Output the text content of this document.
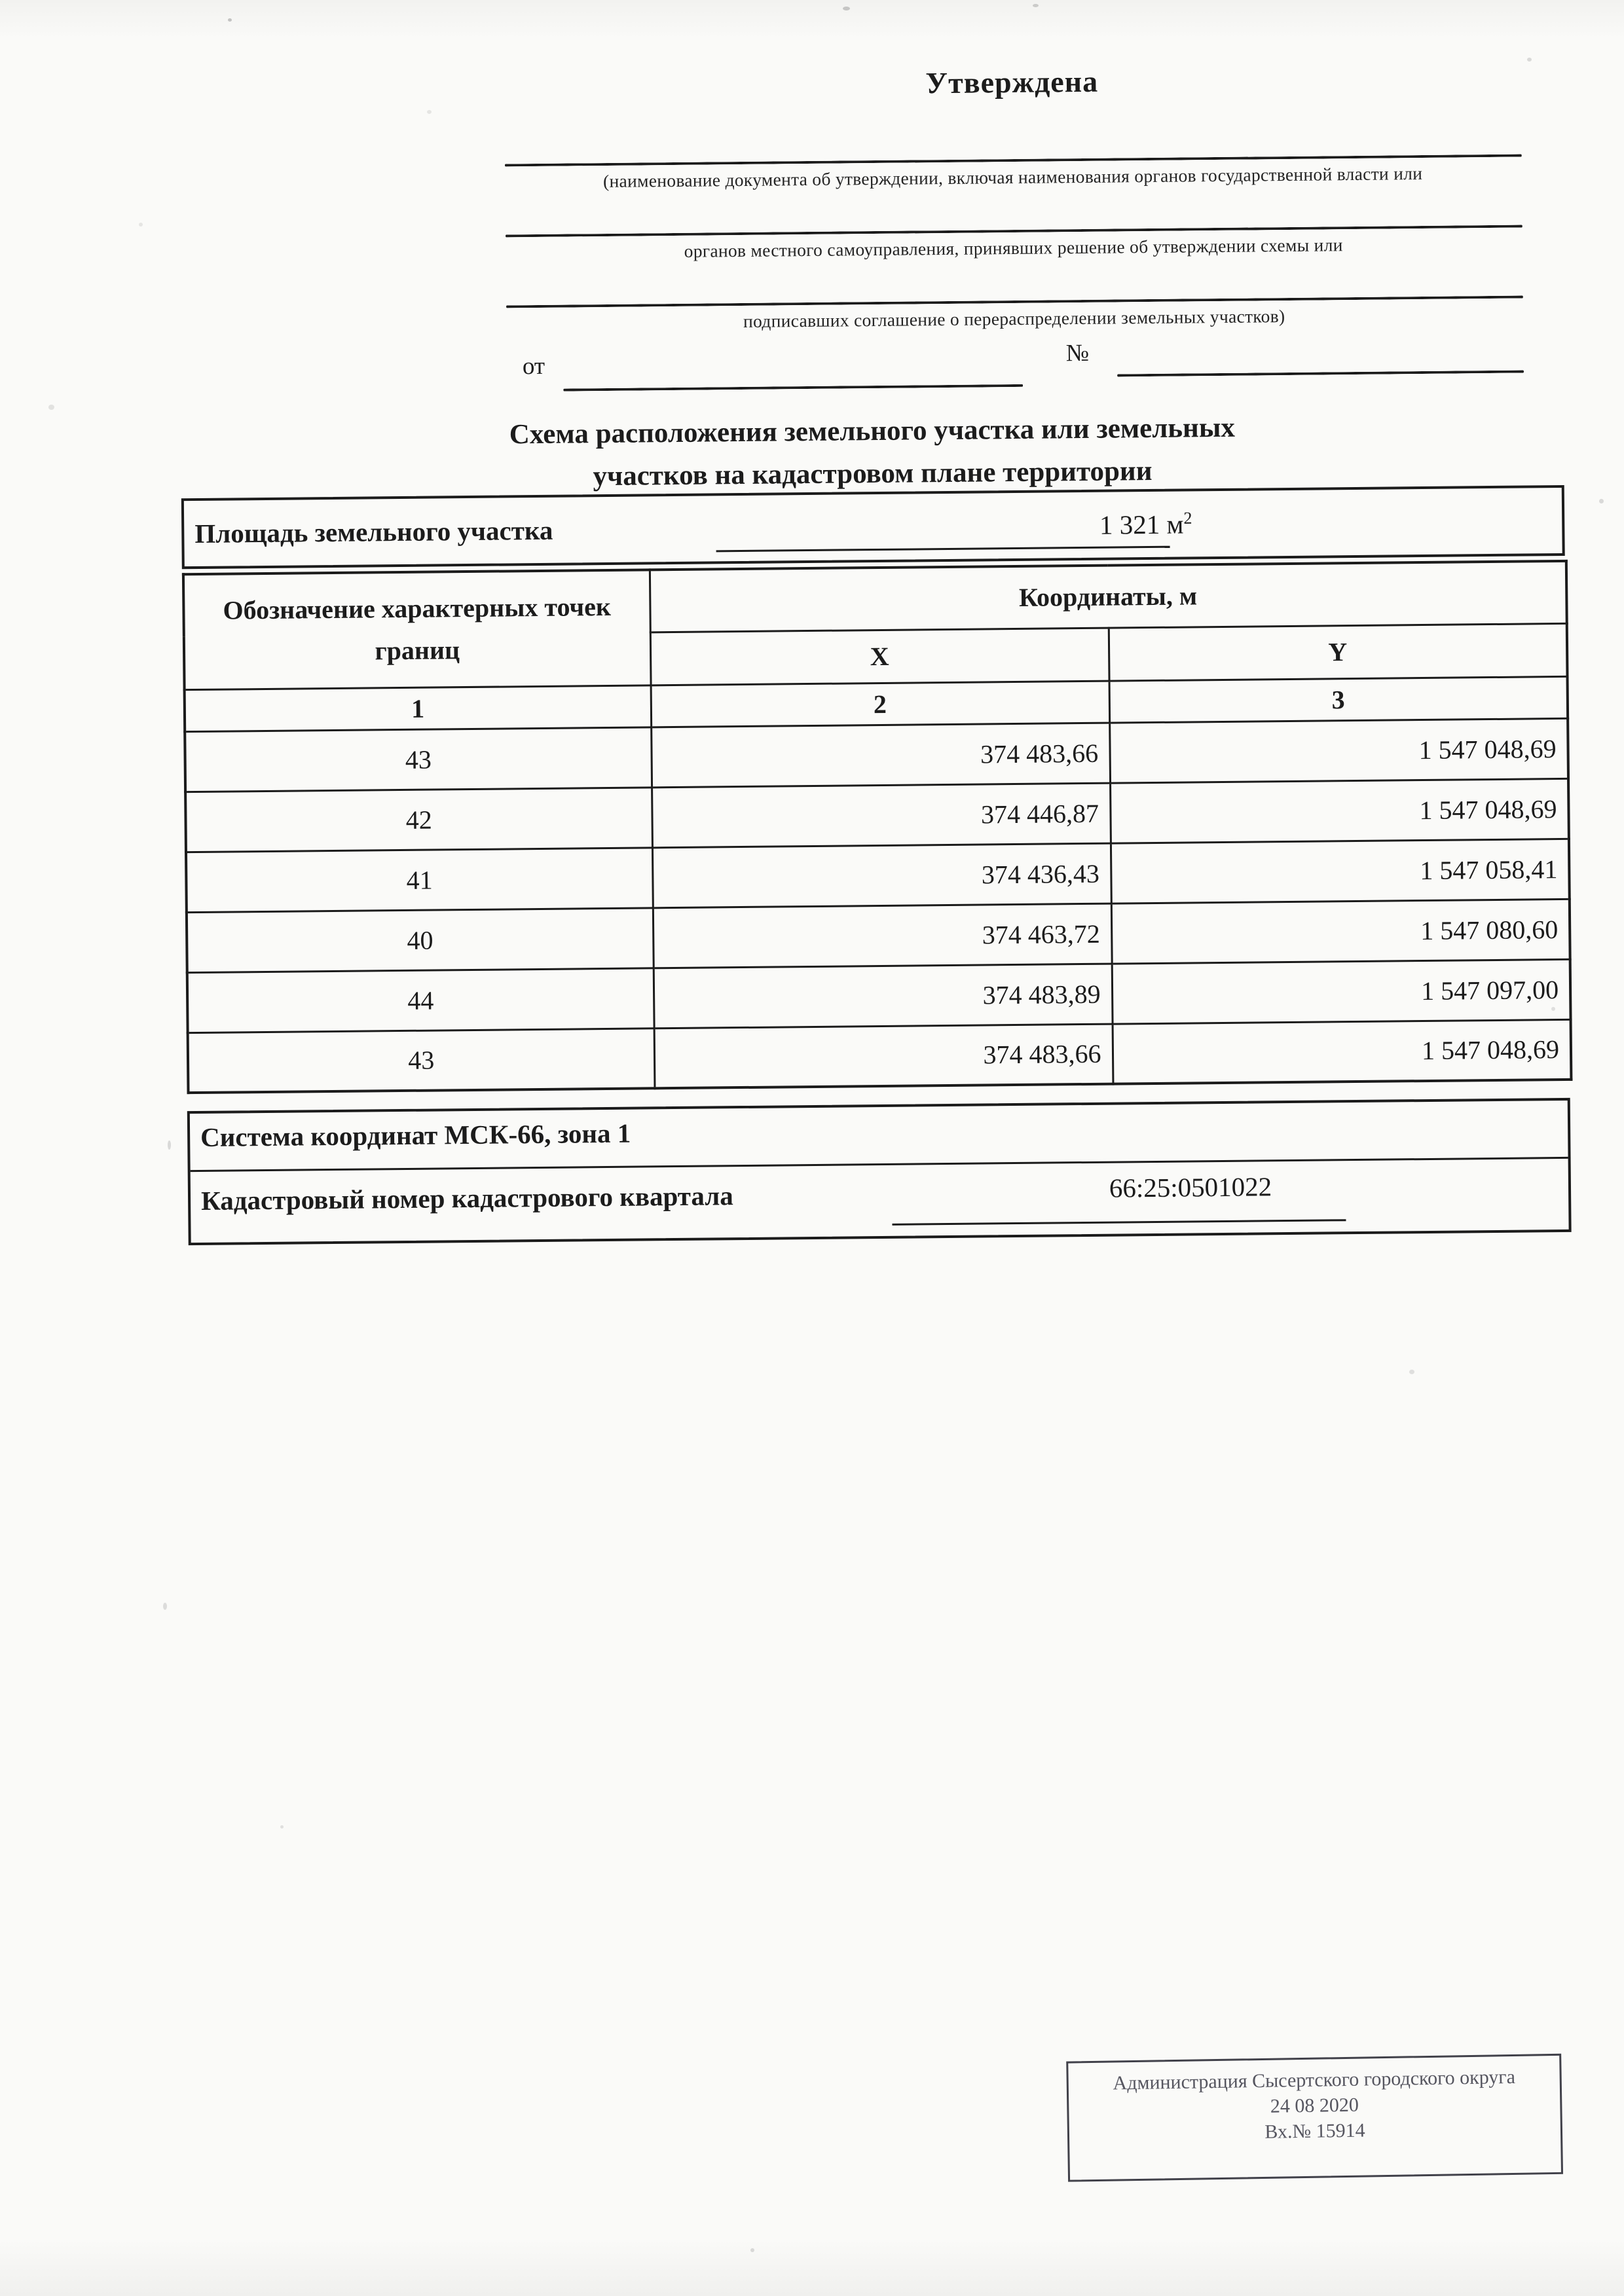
Утверждена
(наименование документа об утверждении, включая наименования органов государственной власти или
органов местного самоуправления, принявших решение об утверждении схемы или
подписавших соглашение о перераспределении земельных участков)
от	№
Схема расположения земельного участка или земельных
участков на кадастровом плане территории
Площадь земельного участка	1 321 $м^2$
Обозначение характерных точек границ	Координаты, м	
	X	Y
1	2	3
43	374 483,66	1 547 048,69
42	374 446,87	1 547 048,69
41	374 436,43	1 547 058,41
40	374 463,72	1 547 080,60
44	374 483,89	1 547 097,00
43	374 483,66	1 547 048,69
Система координат МСК-66, зона 1
Кадастровый номер кадастрового квартала	66:25:0501022
Администрация Сысертского городского округа
24 08 2020
Вх.№ 15914
